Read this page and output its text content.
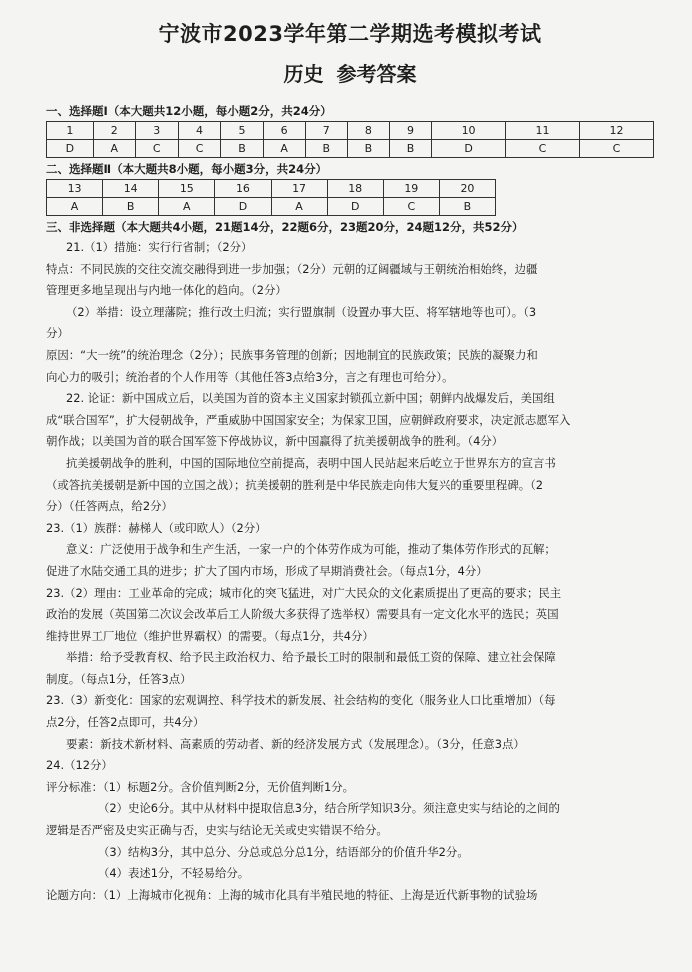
宁波市2023学年第二学期选考模拟考试
历史 参考答案
一、选择题Ⅰ（本大题共12小题，每小题2分，共24分）
1	2	3	4	5	6	7	8	9	10	11	12
D	A	C	C	B	A	B	B	B	D	C	C
二、选择题Ⅱ（本大题共8小题，每小题3分，共24分）
13	14	15	16	17	18	19	20
A	B	A	D	A	D	C	B
三、非选择题（本大题共4小题，21题14分，22题6分，23题20分，24题12分，共52分）

21.（1）措施：实行行省制；（2分）

特点：不同民族的交往交流交融得到进一步加强；（2分）元朝的辽阔疆域与王朝统治相始终，边疆

管理更多地呈现出与内地一体化的趋向。（2分）

（2）举措：设立理藩院；推行改土归流；实行盟旗制（设置办事大臣、将军辖地等也可）。（3

分）

原因：“大一统”的统治理念（2分）；民族事务管理的创新；因地制宜的民族政策；民族的凝聚力和

向心力的吸引；统治者的个人作用等（其他任答3点给3分，言之有理也可给分）。

22. 论证：新中国成立后，以美国为首的资本主义国家封锁孤立新中国；朝鲜内战爆发后，美国组

成“联合国军”，扩大侵朝战争，严重威胁中国国家安全；为保家卫国，应朝鲜政府要求，决定派志愿军入

朝作战；以美国为首的联合国军签下停战协议，新中国赢得了抗美援朝战争的胜利。（4分）

抗美援朝战争的胜利，中国的国际地位空前提高，表明中国人民站起来后屹立于世界东方的宣言书

（或答抗美援朝是新中国的立国之战）；抗美援朝的胜利是中华民族走向伟大复兴的重要里程碑。（2

分）（任答两点，给2分）

23.（1）族群：赫梯人（或印欧人）（2分）

意义：广泛使用于战争和生产生活，一家一户的个体劳作成为可能，推动了集体劳作形式的瓦解；

促进了水陆交通工具的进步；扩大了国内市场，形成了早期消费社会。（每点1分，4分）

23.（2）理由：工业革命的完成；城市化的突飞猛进，对广大民众的文化素质提出了更高的要求；民主

政治的发展（英国第二次议会改革后工人阶级大多获得了选举权）需要具有一定文化水平的选民；英国

维持世界工厂地位（维护世界霸权）的需要。（每点1分，共4分）

举措：给予受教育权、给予民主政治权力、给予最长工时的限制和最低工资的保障、建立社会保障

制度。（每点1分，任答3点）

23.（3）新变化：国家的宏观调控、科学技术的新发展、社会结构的变化（服务业人口比重增加）（每

点2分，任答2点即可，共4分）

要素：新技术新材料、高素质的劳动者、新的经济发展方式（发展理念）。（3分，任意3点）

24.（12分）

评分标准：（1）标题2分。含价值判断2分，无价值判断1分。

（2）史论6分。其中从材料中提取信息3分，结合所学知识3分。须注意史实与结论的之间的

逻辑是否严密及史实正确与否，史实与结论无关或史实错误不给分。

（3）结构3分，其中总分、分总或总分总1分，结语部分的价值升华2分。

（4）表述1分，不轻易给分。

论题方向：（1）上海城市化视角：上海的城市化具有半殖民地的特征、上海是近代新事物的试验场
